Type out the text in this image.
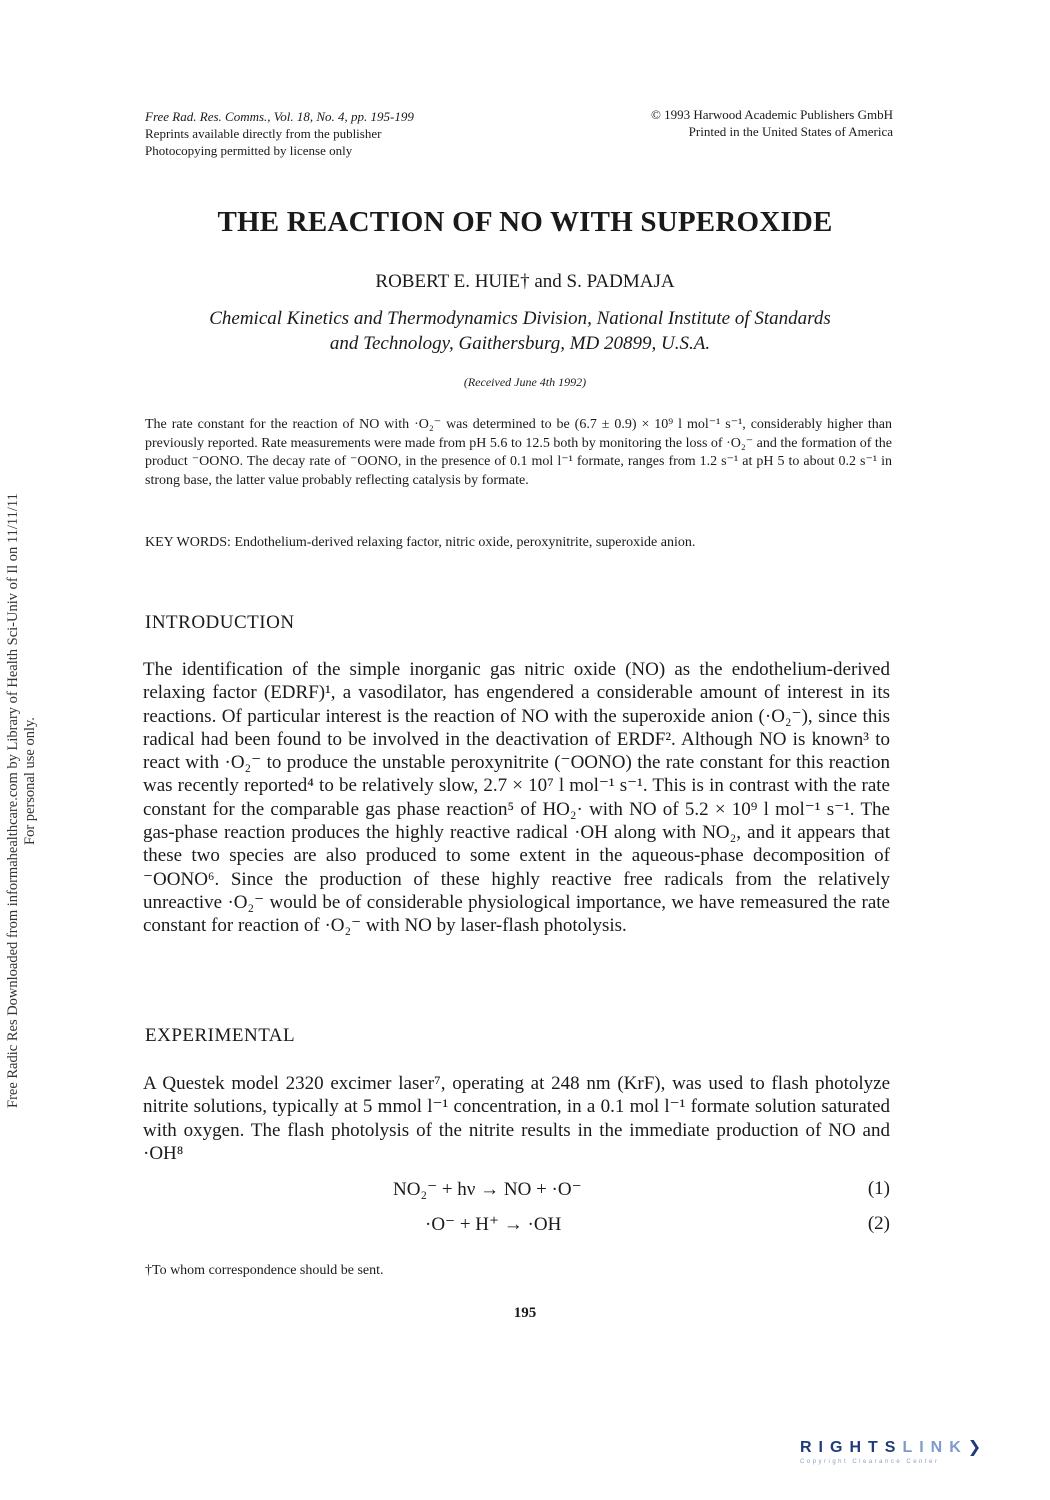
Free Rad. Res. Comms., Vol. 18, No. 4, pp. 195-199
Reprints available directly from the publisher
Photocopying permitted by license only
© 1993 Harwood Academic Publishers GmbH
Printed in the United States of America
THE REACTION OF NO WITH SUPEROXIDE
ROBERT E. HUIE† and S. PADMAJA
Chemical Kinetics and Thermodynamics Division, National Institute of Standards
and Technology, Gaithersburg, MD 20899, U.S.A.
(Received June 4th 1992)
The rate constant for the reaction of NO with ·O₂⁻ was determined to be (6.7 ± 0.9) × 10⁹ l mol⁻¹ s⁻¹, considerably higher than previously reported. Rate measurements were made from pH 5.6 to 12.5 both by monitoring the loss of ·O₂⁻ and the formation of the product ⁻OONO. The decay rate of ⁻OONO, in the presence of 0.1 mol l⁻¹ formate, ranges from 1.2 s⁻¹ at pH 5 to about 0.2 s⁻¹ in strong base, the latter value probably reflecting catalysis by formate.
KEY WORDS: Endothelium-derived relaxing factor, nitric oxide, peroxynitrite, superoxide anion.
INTRODUCTION
The identification of the simple inorganic gas nitric oxide (NO) as the endothelium-derived relaxing factor (EDRF)¹, a vasodilator, has engendered a considerable amount of interest in its reactions. Of particular interest is the reaction of NO with the superoxide anion (·O₂⁻), since this radical had been found to be involved in the deactivation of ERDF². Although NO is known³ to react with ·O₂⁻ to produce the unstable peroxynitrite (⁻OONO) the rate constant for this reaction was recently reported⁴ to be relatively slow, 2.7 × 10⁷ l mol⁻¹ s⁻¹. This is in contrast with the rate constant for the comparable gas phase reaction⁵ of HO₂· with NO of 5.2 × 10⁹ l mol⁻¹ s⁻¹. The gas-phase reaction produces the highly reactive radical ·OH along with NO₂, and it appears that these two species are also produced to some extent in the aqueous-phase decomposition of ⁻OONO⁶. Since the production of these highly reactive free radicals from the relatively unreactive ·O₂⁻ would be of considerable physiological importance, we have remeasured the rate constant for reaction of ·O₂⁻ with NO by laser-flash photolysis.
EXPERIMENTAL
A Questek model 2320 excimer laser⁷, operating at 248 nm (KrF), was used to flash photolyze nitrite solutions, typically at 5 mmol l⁻¹ concentration, in a 0.1 mol l⁻¹ formate solution saturated with oxygen. The flash photolysis of the nitrite results in the immediate production of NO and ·OH⁸
NO₂⁻ + hν → NO + ·O⁻	(1)
·O⁻ + H⁺ → ·OH	(2)
†To whom correspondence should be sent.
195
Free Radic Res Downloaded from informahealthcare.com by Library of Health Sci-Univ of Il on 11/11/11 For personal use only.
RIGHTSLINK❯
Copyright Clearance Center
